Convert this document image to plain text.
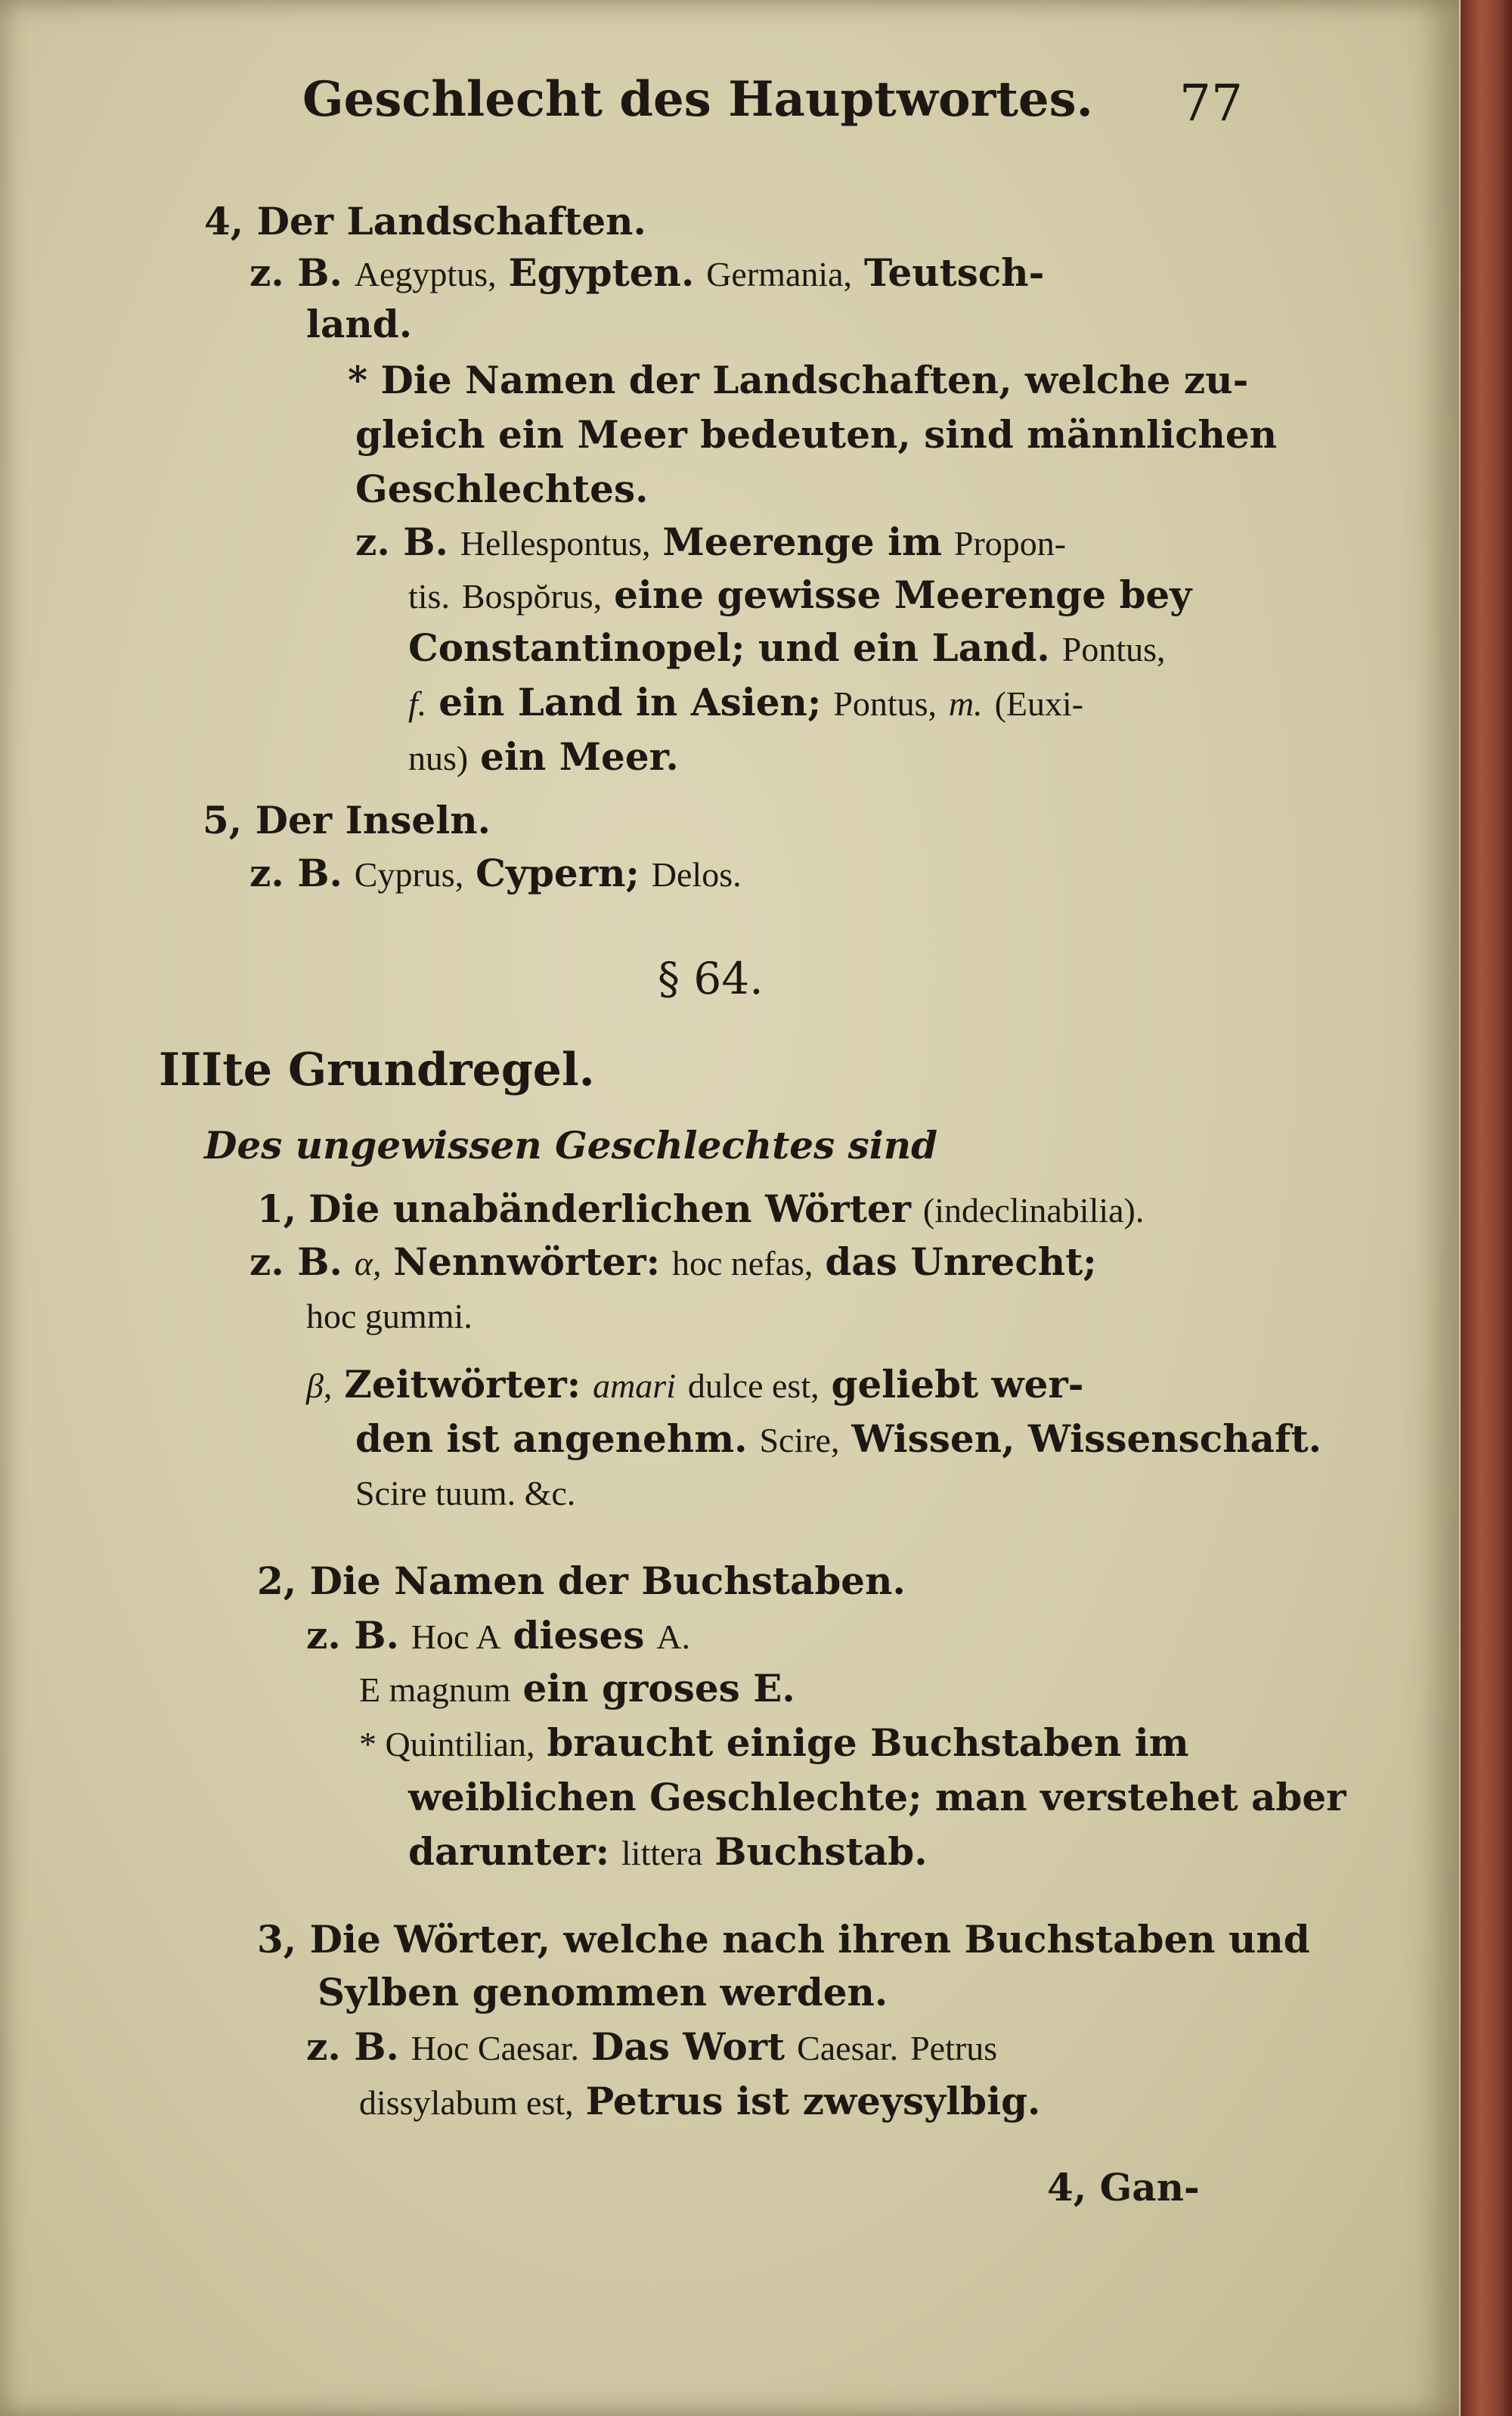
Geschlecht des Hauptwortes. 77
4, Der Landschaften.
z. B. Aegyptus, Egypten. Germania, Teutsch-
land.
* Die Namen der Landschaften, welche zu-
gleich ein Meer bedeuten, sind männlichen
Geschlechtes.
z. B. Hellespontus, Meerenge im Propon-
tis. Bospŏrus, eine gewisse Meerenge bey
Constantinopel; und ein Land. Pontus,
f. ein Land in Asien; Pontus, m. (Euxi-
nus) ein Meer.
5, Der Inseln.
z. B. Cyprus, Cypern; Delos.
§ 64.
IIIte Grundregel.
Des ungewissen Geschlechtes sind
1, Die unabänderlichen Wörter (indeclinabilia).
z. B. α, Nennwörter: hoc nefas, das Unrecht;
hoc gummi.
β, Zeitwörter: amari dulce est, geliebt wer-
den ist angenehm. Scire, Wissen, Wissenschaft.
Scire tuum. &c.
2, Die Namen der Buchstaben.
z. B. Hoc A dieses A.
E magnum ein groses E.
* Quintilian, braucht einige Buchstaben im
weiblichen Geschlechte; man verstehet aber
darunter: littera Buchstab.
3, Die Wörter, welche nach ihren Buchstaben und
Sylben genommen werden.
z. B. Hoc Caesar. Das Wort Caesar. Petrus
dissylabum est, Petrus ist zweysylbig.
4, Gan-
